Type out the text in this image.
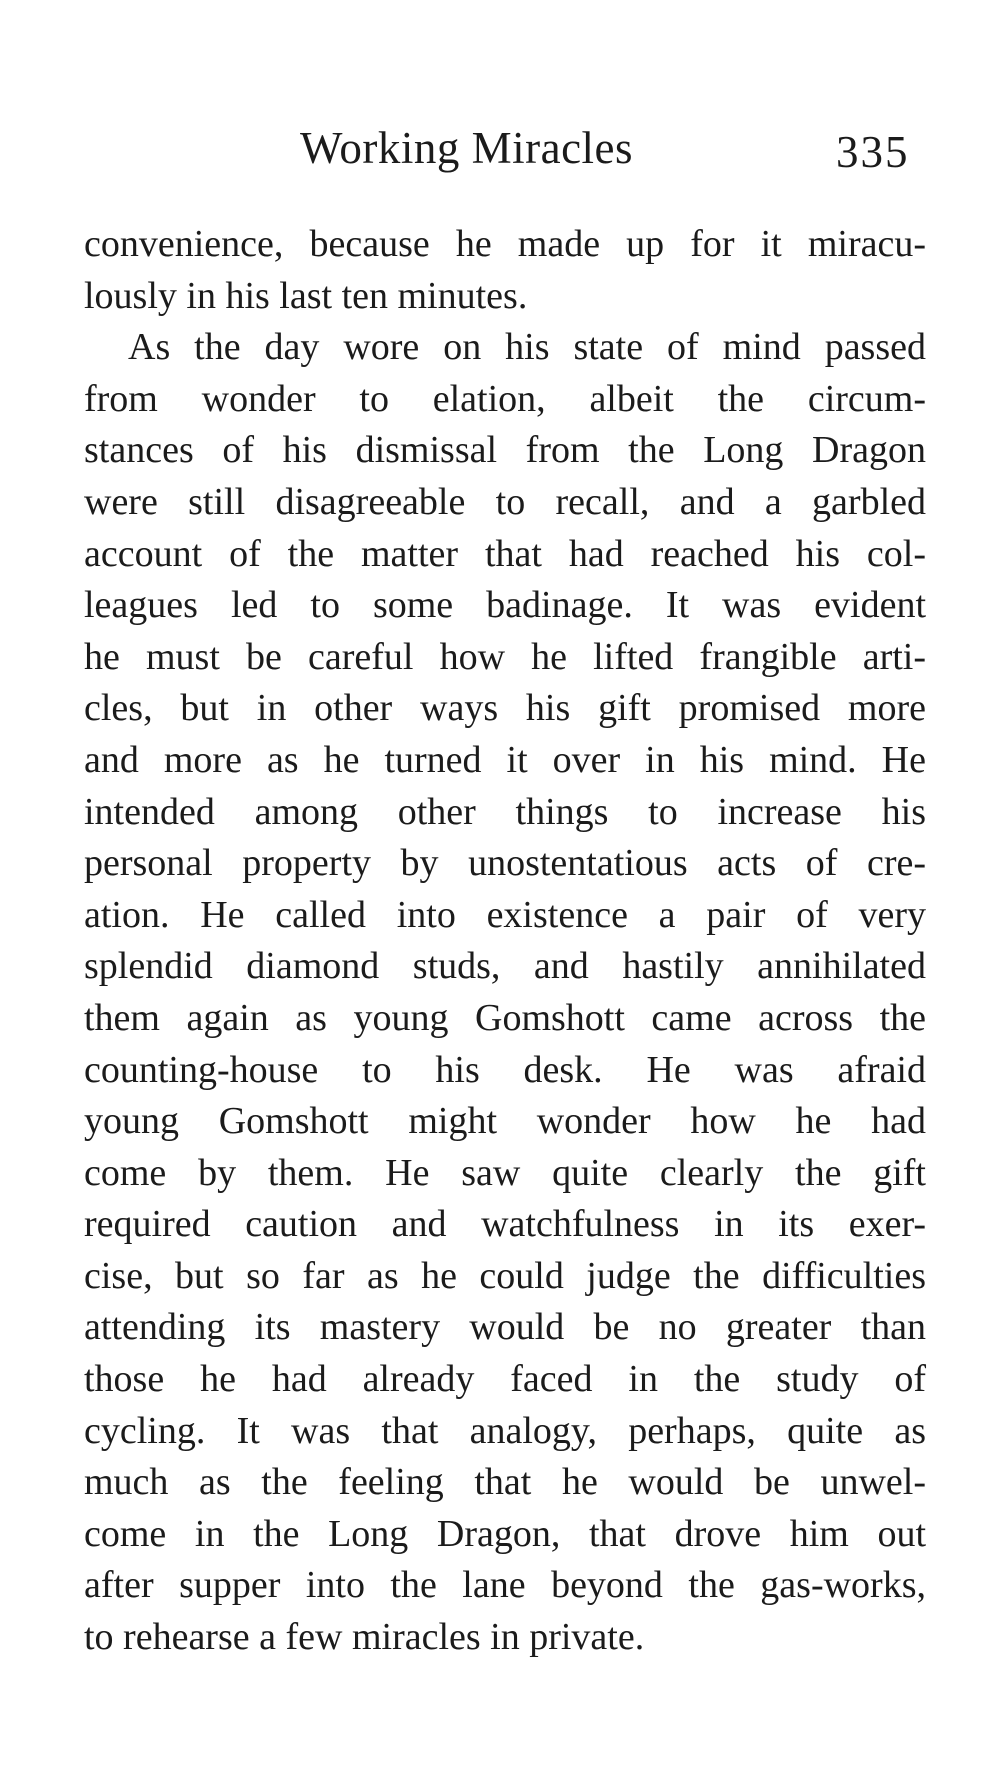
Working Miracles	335
convenience, because he made up for it miracu-
lously in his last ten minutes.
As the day wore on his state of mind passed
from wonder to elation, albeit the circum-
stances of his dismissal from the Long Dragon
were still disagreeable to recall, and a garbled
account of the matter that had reached his col-
leagues led to some badinage. It was evident
he must be careful how he lifted frangible arti-
cles, but in other ways his gift promised more
and more as he turned it over in his mind. He
intended among other things to increase his
personal property by unostentatious acts of cre-
ation. He called into existence a pair of very
splendid diamond studs, and hastily annihilated
them again as young Gomshott came across the
counting-house to his desk. He was afraid
young Gomshott might wonder how he had
come by them. He saw quite clearly the gift
required caution and watchfulness in its exer-
cise, but so far as he could judge the difficulties
attending its mastery would be no greater than
those he had already faced in the study of
cycling. It was that analogy, perhaps, quite as
much as the feeling that he would be unwel-
come in the Long Dragon, that drove him out
after supper into the lane beyond the gas-works,
to rehearse a few miracles in private.
